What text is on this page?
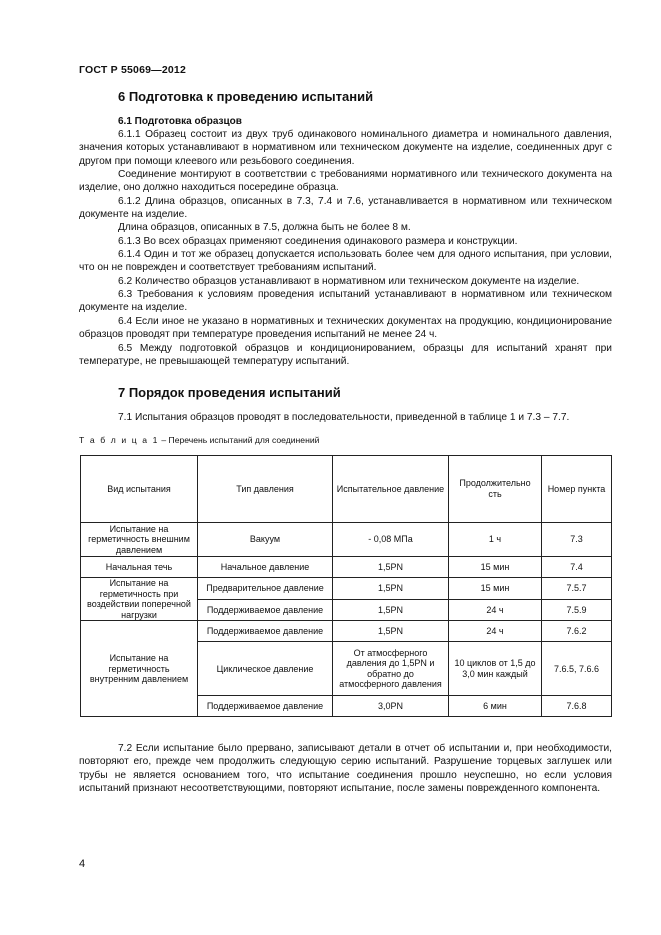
ГОСТ Р 55069—2012
6 Подготовка к проведению испытаний
6.1 Подготовка образцов

6.1.1 Образец состоит из двух труб одинакового номинального диаметра и номинального давления, значения которых устанавливают в нормативном или техническом документе на изделие, соединенных друг с другом при помощи клеевого или резьбового соединения.

Соединение монтируют в соответствии с требованиями нормативного или технического документа на изделие, оно должно находиться посередине образца.

6.1.2 Длина образцов, описанных в 7.3, 7.4 и 7.6, устанавливается в нормативном или техническом документе на изделие.

Длина образцов, описанных в 7.5, должна быть не более 8 м.

6.1.3 Во всех образцах применяют соединения одинакового размера и конструкции.

6.1.4 Один и тот же образец допускается использовать более чем для одного испытания, при условии, что он не поврежден и соответствует требованиям испытаний.

6.2 Количество образцов устанавливают в нормативном или техническом документе на изделие.

6.3 Требования к условиям проведения испытаний устанавливают в нормативном или техническом документе на изделие.

6.4 Если иное не указано в нормативных и технических документах на продукцию, кондиционирование образцов проводят при температуре проведения испытаний не менее 24 ч.

6.5 Между подготовкой образцов и кондиционированием, образцы для испытаний хранят при температуре, не превышающей температуру испытаний.

7 Порядок проведения испытаний

7.1 Испытания образцов проводят в последовательности, приведенной в таблице 1 и 7.3 – 7.7.

Т а б л и ц а 1 – Перечень испытаний для соединений
Вид испытания	Тип давления	Испытательное давление	Продолжительно сть	Номер пункта
Испытание на герметичность внешним давлением	Вакуум	- 0,08 МПа	1 ч	7.3
Начальная течь	Начальное давление	1,5PN	15 мин	7.4
Испытание на герметичность при воздействии поперечной нагрузки	Предварительное давление	1,5PN	15 мин	7.5.7
	Поддерживаемое давление	1,5PN	24 ч	7.5.9
Испытание на герметичность внутренним давлением	Поддерживаемое давление	1,5PN	24 ч	7.6.2
	Циклическое давление	От атмосферного давления до 1,5PN и обратно до атмосферного давления	10 циклов от 1,5 до 3,0 мин каждый	7.6.5, 7.6.6
	Поддерживаемое давление	3,0PN	6 мин	7.6.8

7.2 Если испытание было прервано, записывают детали в отчет об испытании и, при необходимости, повторяют его, прежде чем продолжить следующую серию испытаний. Разрушение торцевых заглушек или трубы не является основанием того, что испытание соединения прошло неуспешно, но если условия испытаний признают несоответствующими, повторяют испытание, после замены поврежденного компонента.

4
